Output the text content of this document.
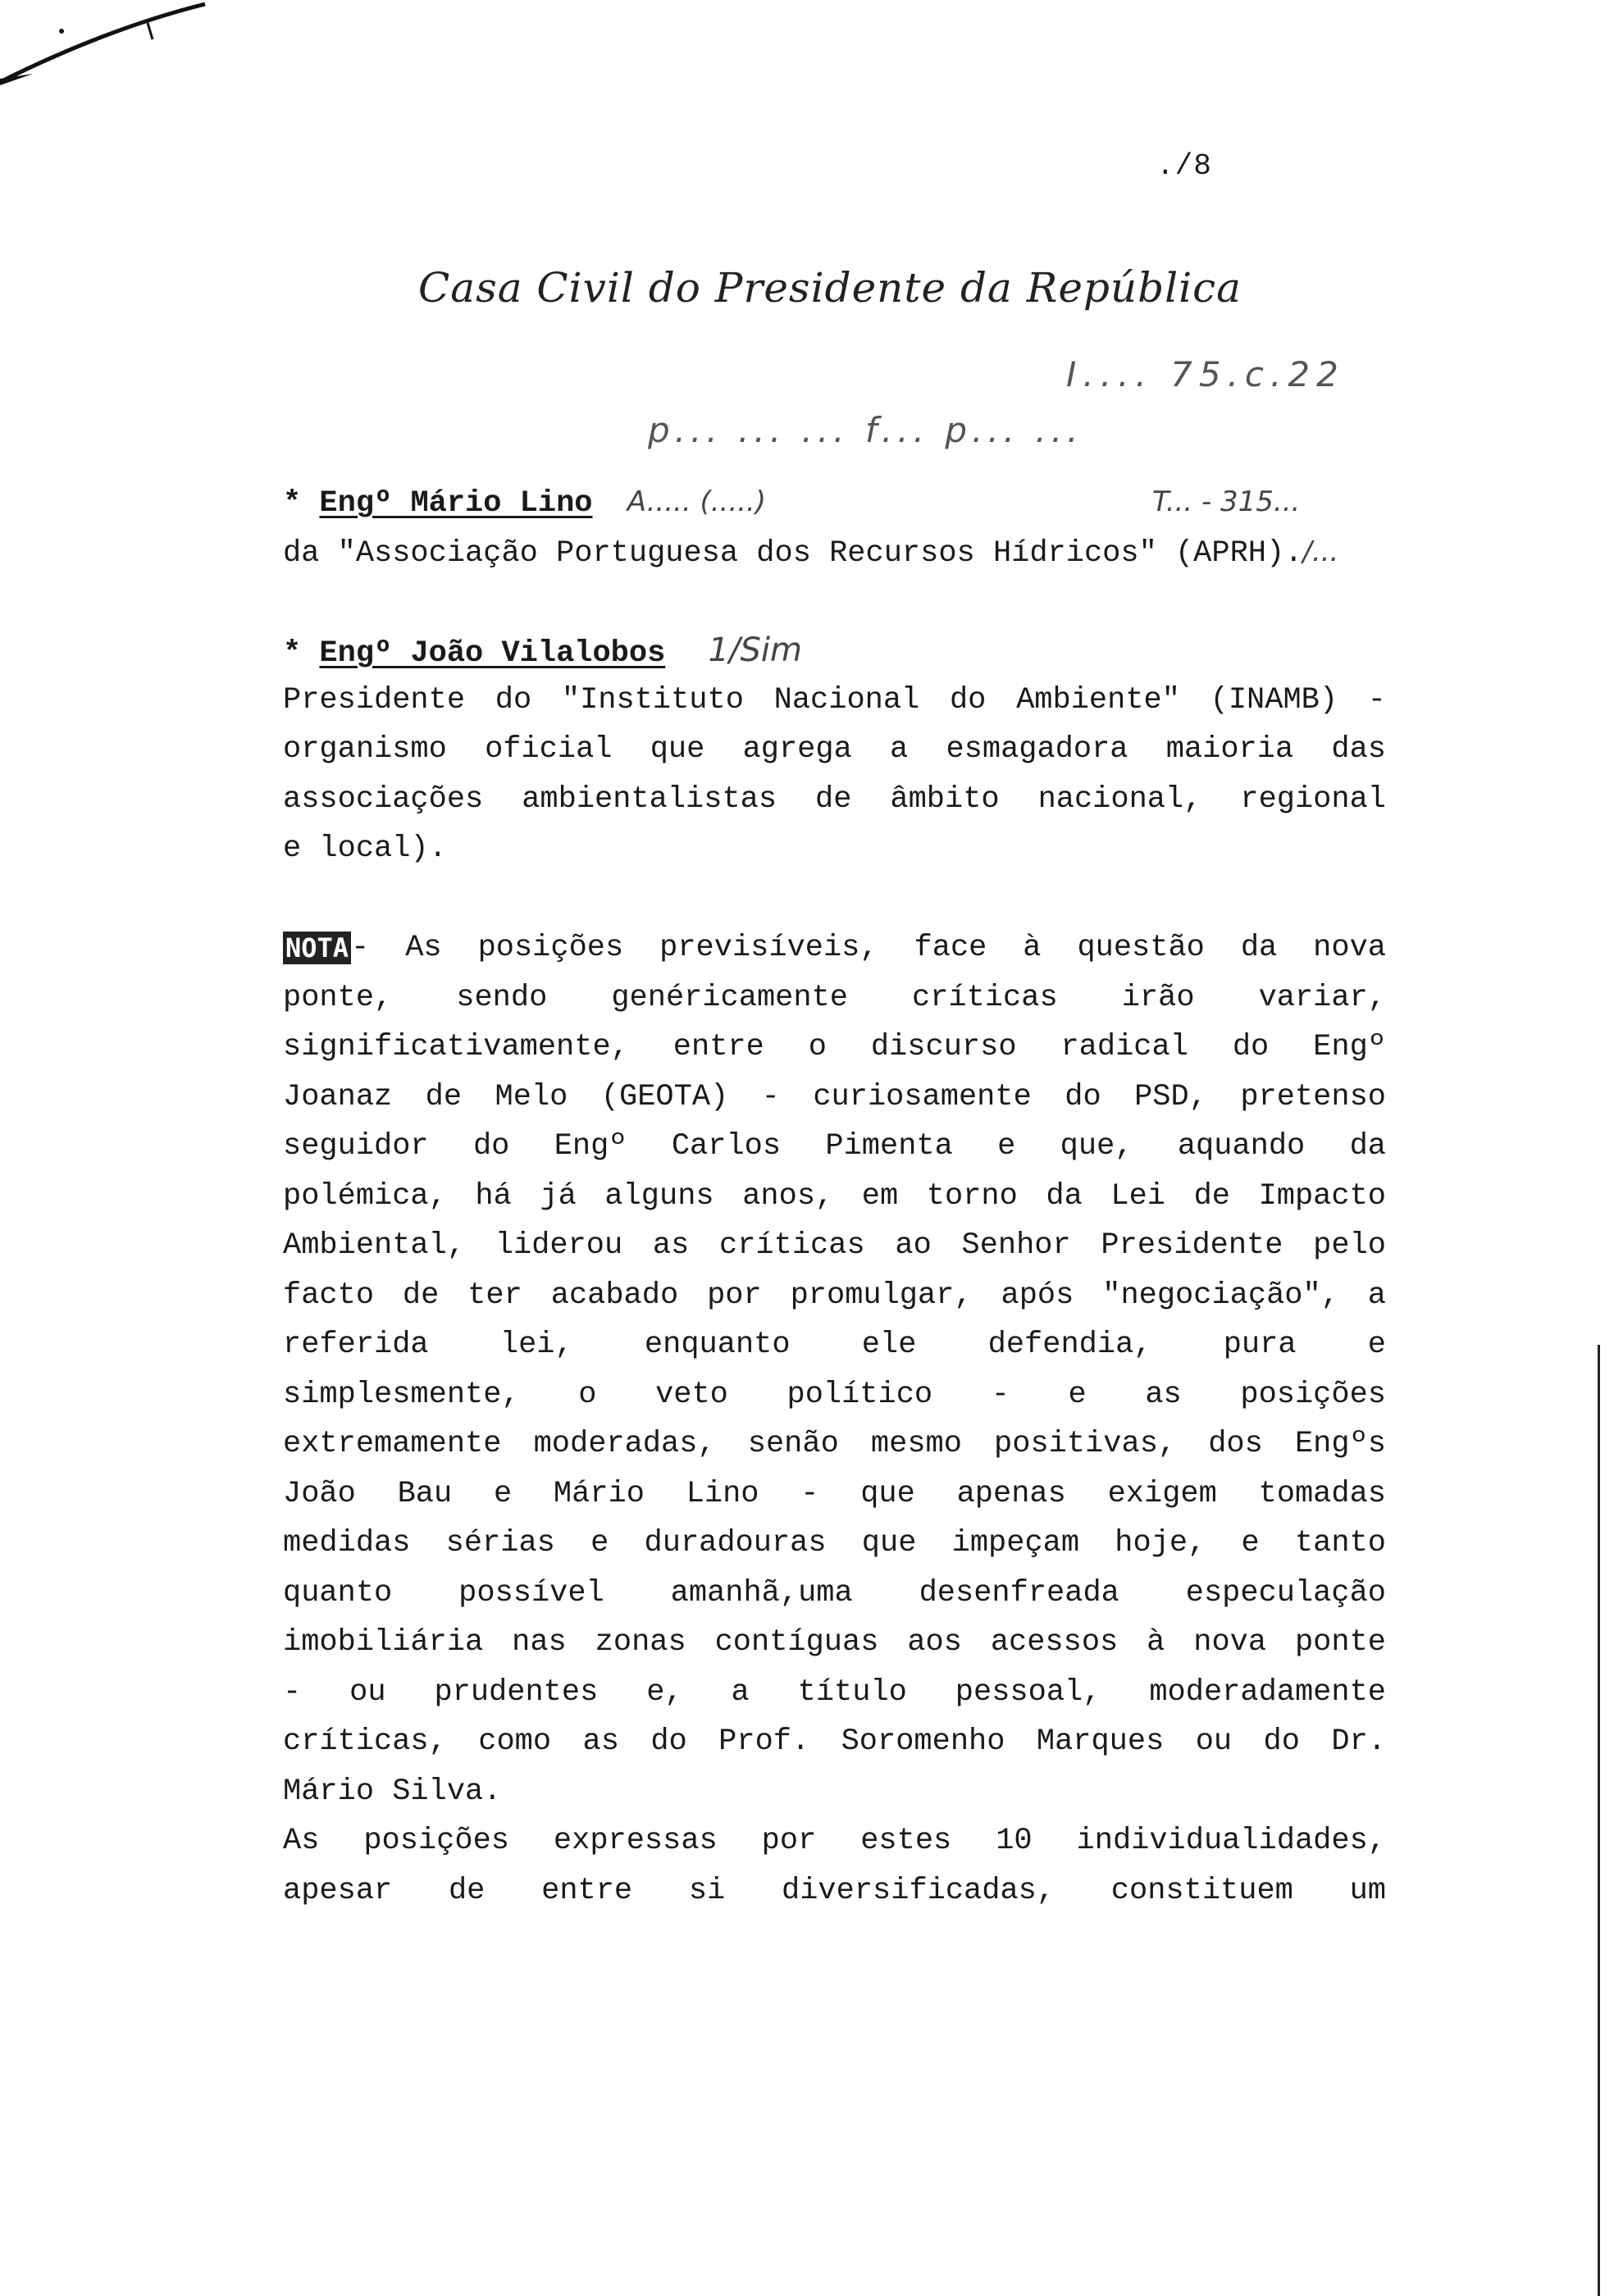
./8
Casa Civil do Presidente da República
I.... 75.c.22
p... ... ... f... p... ...
* Engº Mário Lino A..... (.....)	T... - 315...
da "Associação Portuguesa dos Recursos Hídricos" (APRH)./...
* Engº João Vilalobos 1/Sim
Presidente do "Instituto Nacional do Ambiente" (INAMB) -
organismo oficial que agrega a esmagadora maioria das
associações ambientalistas de âmbito nacional, regional
e local).
NOTA - As posições previsíveis, face à questão da nova
ponte, sendo genéricamente críticas irão variar,
significativamente, entre o discurso radical do Engº
Joanaz de Melo (GEOTA) - curiosamente do PSD, pretenso
seguidor do Engº Carlos Pimenta e que, aquando da
polémica, há já alguns anos, em torno da Lei de Impacto
Ambiental, liderou as críticas ao Senhor Presidente pelo
facto de ter acabado por promulgar, após "negociação", a
referida lei, enquanto ele defendia, pura e
simplesmente, o veto político - e as posições
extremamente moderadas, senão mesmo positivas, dos Engºs
João Bau e Mário Lino - que apenas exigem tomadas
medidas sérias e duradouras que impeçam hoje, e tanto
quanto possível amanhã,uma desenfreada especulação
imobiliária nas zonas contíguas aos acessos à nova ponte
- ou prudentes e, a título pessoal, moderadamente
críticas, como as do Prof. Soromenho Marques ou do Dr.
Mário Silva.
As posições expressas por estes 10 individualidades,
apesar de entre si diversificadas, constituem um
